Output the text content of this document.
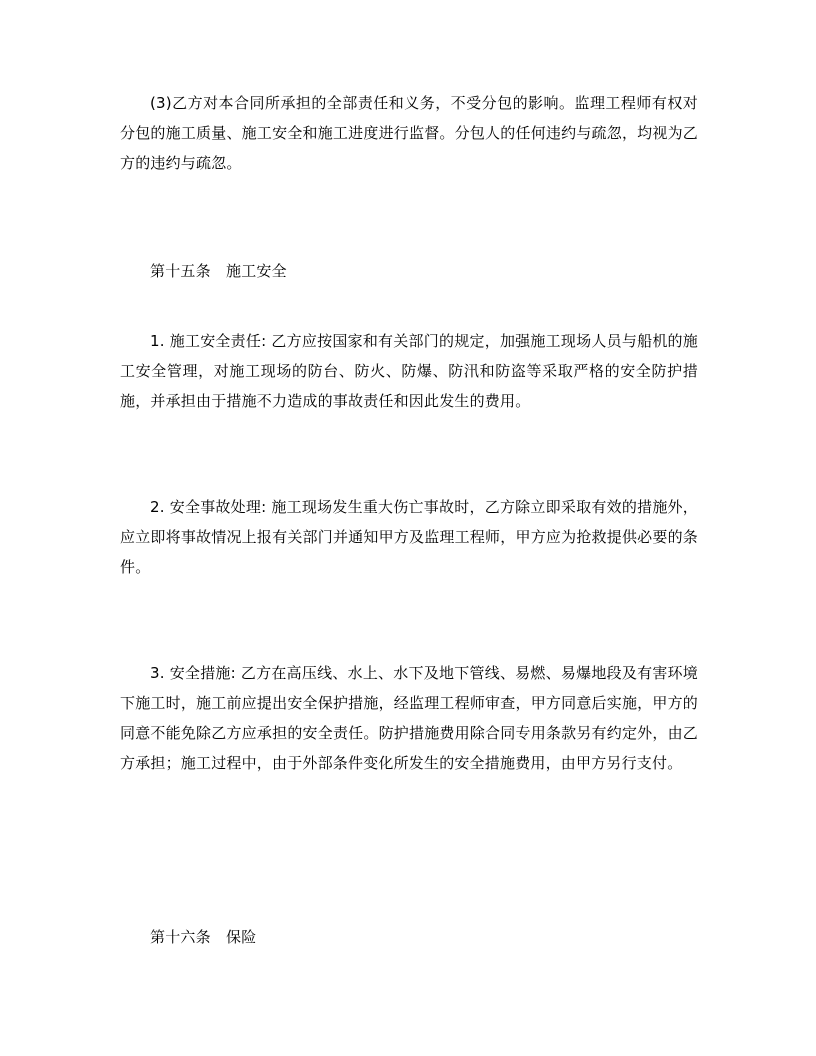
(3)乙方对本合同所承担的全部责任和义务，不受分包的影响。监理工程师有权对分包的施工质量、施工安全和施工进度进行监督。分包人的任何违约与疏忽，均视为乙方的违约与疏忽。

第十五条　施工安全

1. 施工安全责任: 乙方应按国家和有关部门的规定，加强施工现场人员与船机的施工安全管理，对施工现场的防台、防火、防爆、防汛和防盗等采取严格的安全防护措施，并承担由于措施不力造成的事故责任和因此发生的费用。

2. 安全事故处理: 施工现场发生重大伤亡事故时，乙方除立即采取有效的措施外，应立即将事故情况上报有关部门并通知甲方及监理工程师，甲方应为抢救提供必要的条件。

3. 安全措施: 乙方在高压线、水上、水下及地下管线、易燃、易爆地段及有害环境下施工时，施工前应提出安全保护措施，经监理工程师审查，甲方同意后实施，甲方的同意不能免除乙方应承担的安全责任。防护措施费用除合同专用条款另有约定外，由乙方承担；施工过程中，由于外部条件变化所发生的安全措施费用，由甲方另行支付。

第十六条　保险
